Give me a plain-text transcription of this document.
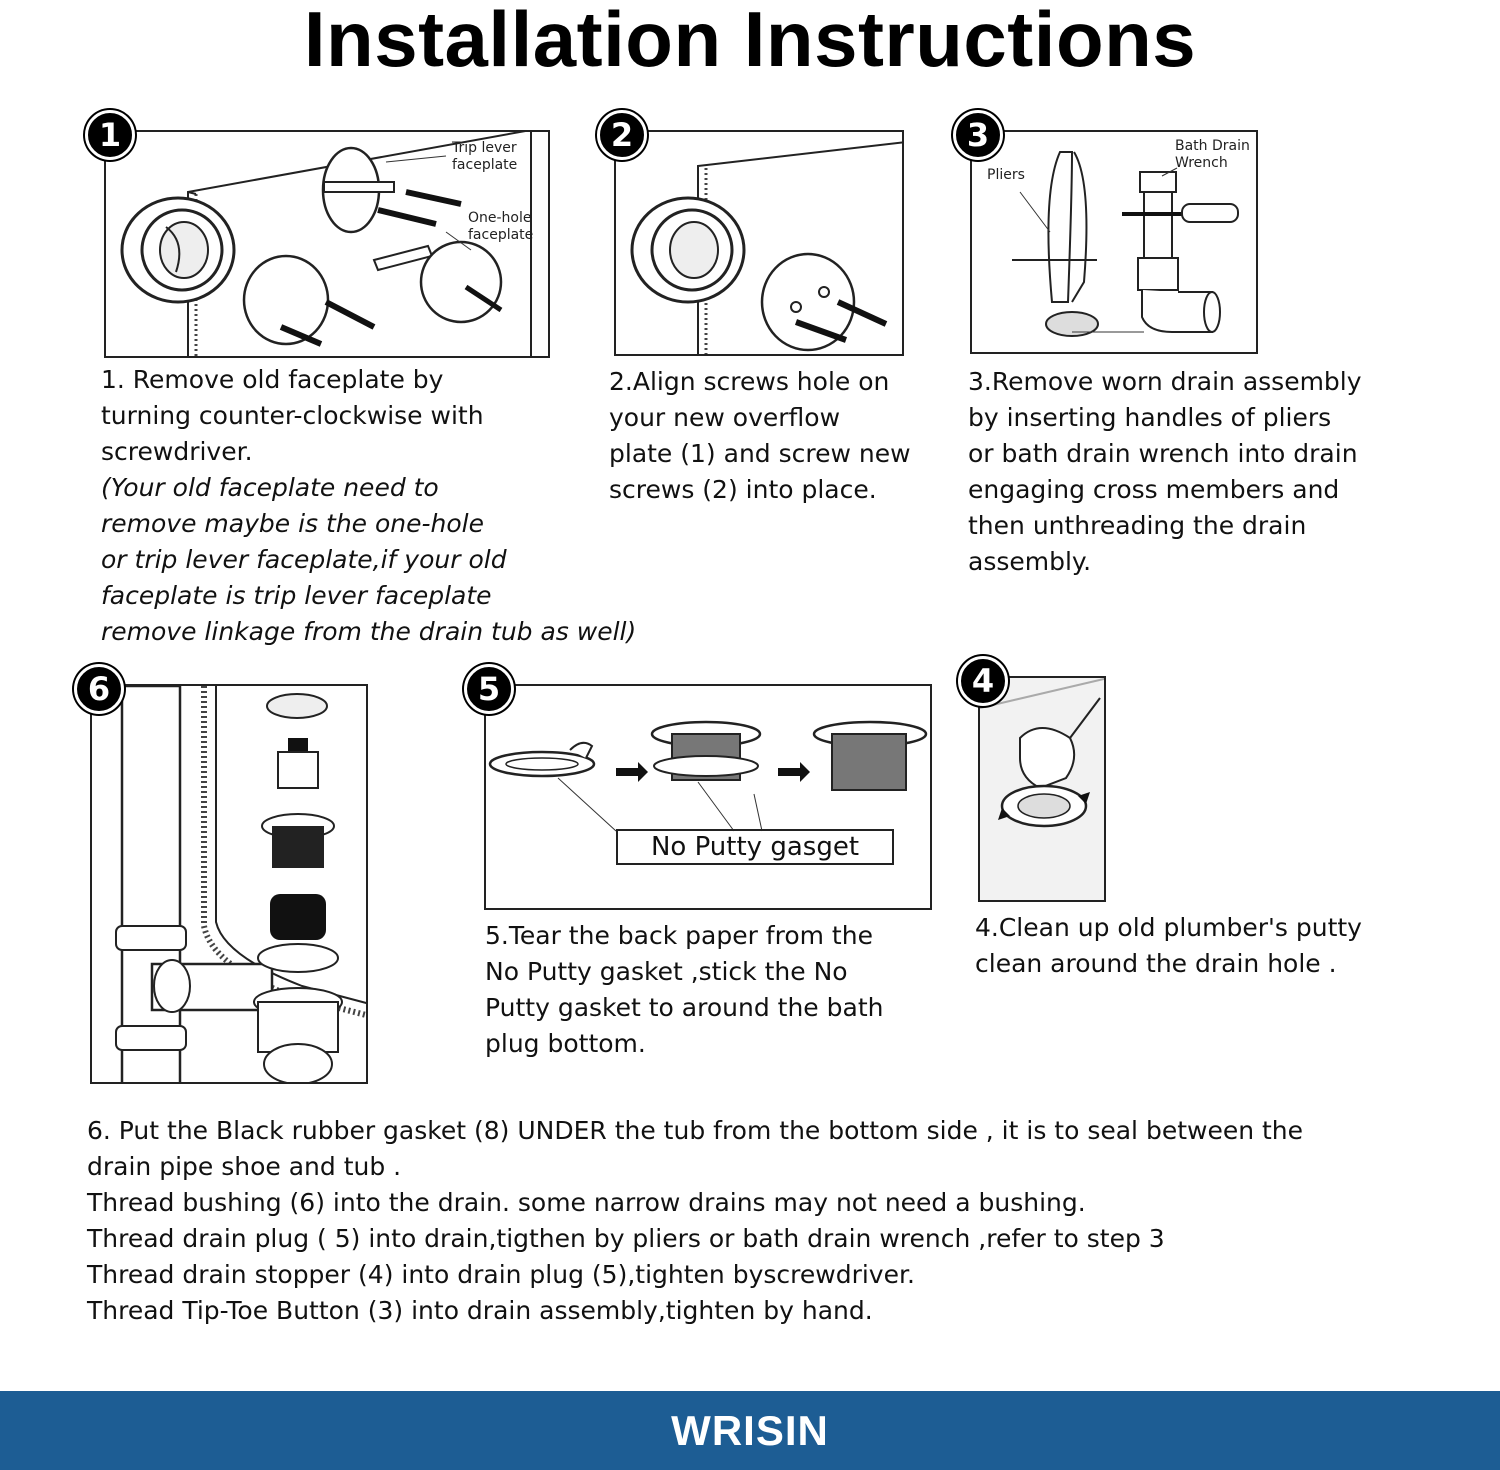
Installation Instructions
Trip lever
faceplate
One-hole
faceplate
1
1. Remove old faceplate by
turning counter-clockwise with
screwdriver.
(Your old faceplate need to
remove maybe is the one-hole
or trip lever faceplate,if your old
faceplate is trip lever faceplate
remove linkage from the drain tub as well)
2
2.Align screws hole on
your new overflow
plate (1) and screw new
screws (2) into place.
Pliers
Bath Drain
Wrench
3
3.Remove worn drain assembly
by inserting handles of pliers
or bath drain wrench into drain
engaging cross members and
then unthreading the drain
assembly.
6
No Putty gasget
5
5.Tear the back paper from the
No Putty gasket ,stick the No
Putty gasket to around the bath
plug bottom.
4
4.Clean up old plumber's putty
clean around the drain hole .
6. Put the Black rubber gasket (8) UNDER the tub from the bottom side , it is to seal between the
drain pipe shoe and tub .
Thread bushing (6) into the drain. some narrow drains may not need a bushing.
Thread drain plug ( 5) into drain,tigthen by pliers or bath drain wrench ,refer to step 3
Thread drain stopper (4) into drain plug (5),tighten byscrewdriver.
Thread Tip-Toe Button (3) into drain assembly,tighten by hand.
WRISIN
